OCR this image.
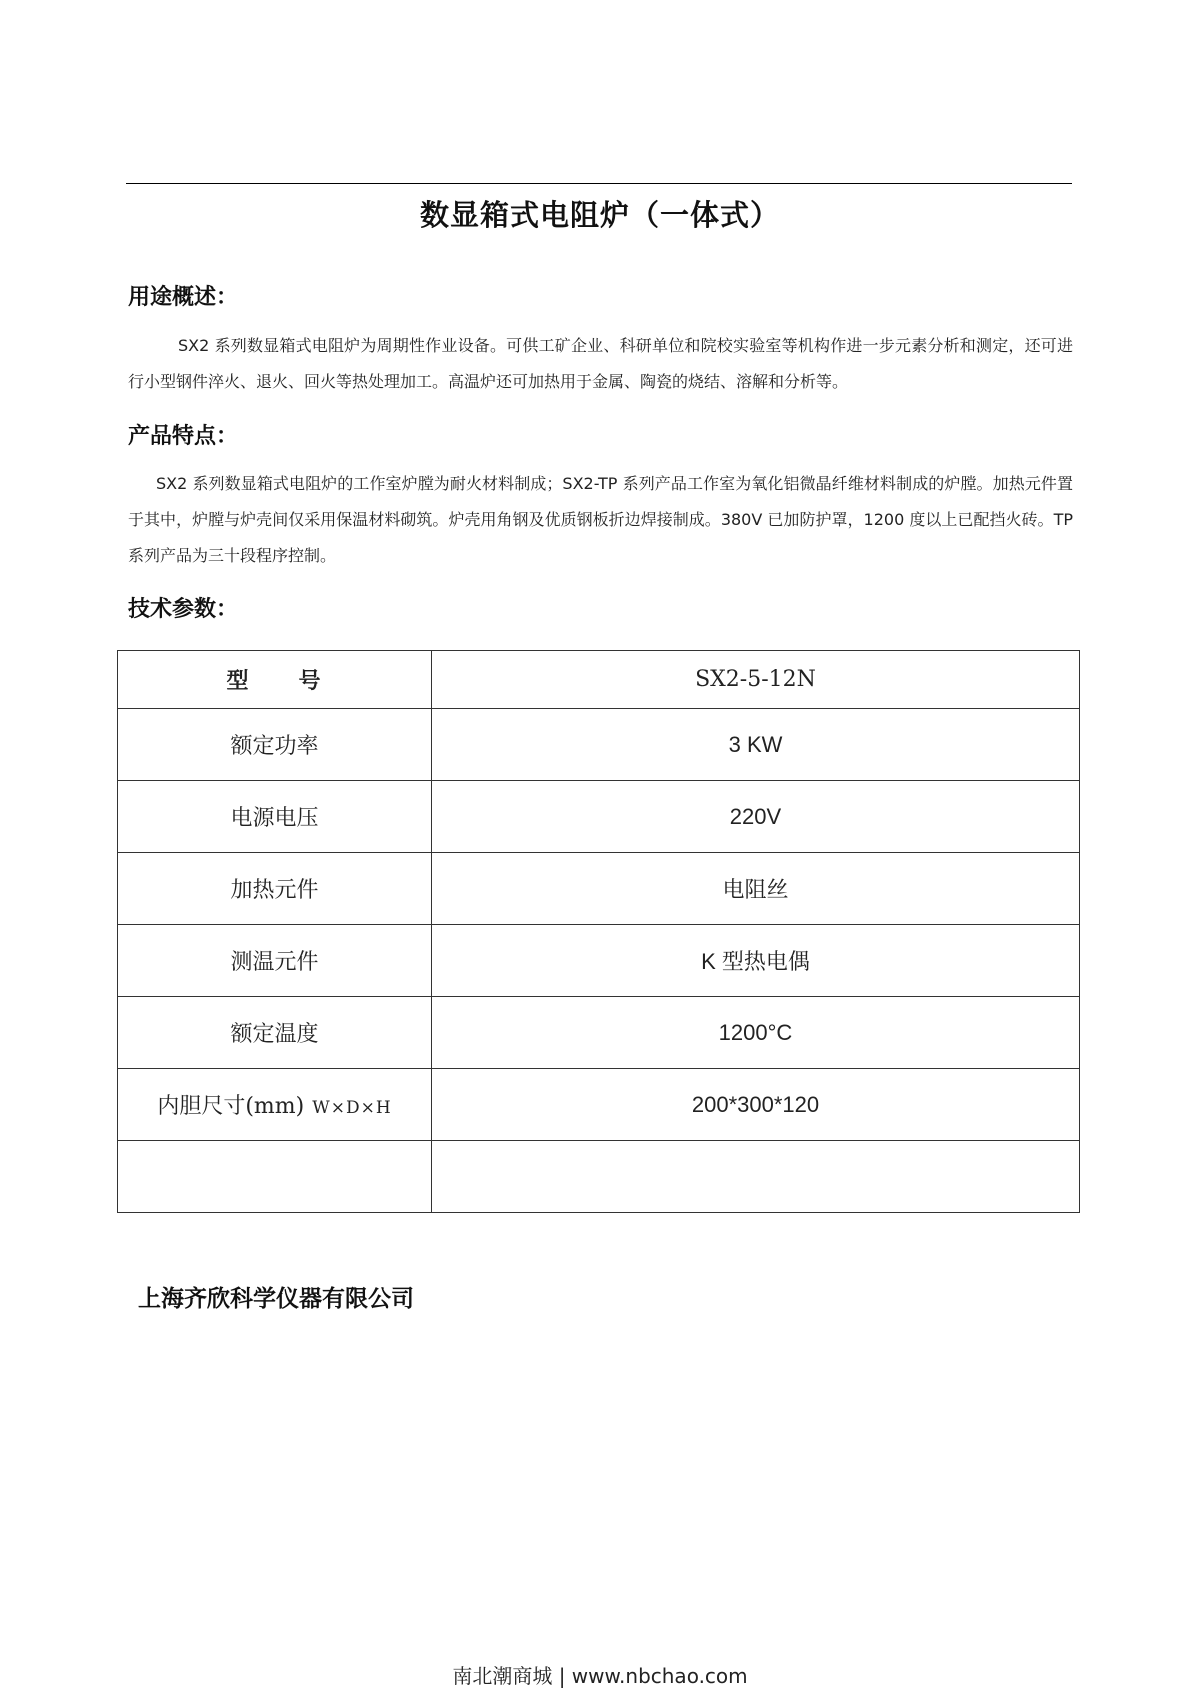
数显箱式电阻炉（一体式）
用途概述：

SX2 系列数显箱式电阻炉为周期性作业设备。可供工矿企业、科研单位和院校实验室等机构作进一步元素分析和测定，还可进行小型钢件淬火、退火、回火等热处理加工。高温炉还可加热用于金属、陶瓷的烧结、溶解和分析等。

产品特点：

SX2 系列数显箱式电阻炉的工作室炉膛为耐火材料制成；SX2-TP 系列产品工作室为氧化铝微晶纤维材料制成的炉膛。加热元件置于其中，炉膛与炉壳间仅采用保温材料砌筑。炉壳用角钢及优质钢板折边焊接制成。380V 已加防护罩，1200 度以上已配挡火砖。TP 系列产品为三十段程序控制。

技术参数：
型　　号	SX2-5-12N
额定功率	3 KW
电源电压	220V
加热元件	电阻丝
测温元件	K 型热电偶
额定温度	1200°C
内胆尺寸(mm) W×D×H	200*300*120

上海齐欣科学仪器有限公司
南北潮商城 | www.nbchao.com
